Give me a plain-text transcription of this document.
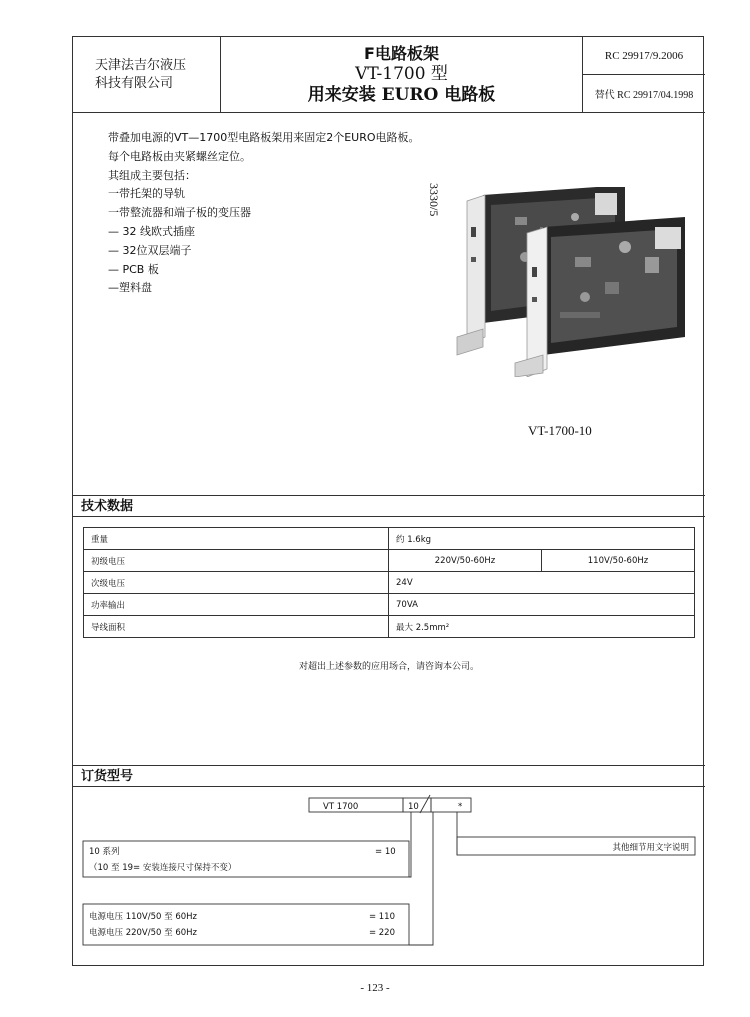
天津法吉尔液压
科技有限公司
F电路板架
VT-1700 型
用来安装 EURO 电路板
RC 29917/9.2006
替代 RC 29917/04.1998
带叠加电源的VT—1700型电路板架用来固定2个EURO电路板。
每个电路板由夹紧螺丝定位。
其组成主要包括：
一带托架的导轨
一带整流器和端子板的变压器
— 32 线欧式插座
— 32位双层端子
— PCB 板
—塑料盘
3330/5
VT-1700-10
技术数据
重量	约 1.6kg	
初级电压	220V/50-60Hz	110V/50-60Hz
次级电压	24V	
功率输出	70VA	
导线面积	最大 2.5mm²	
对超出上述参数的应用场合，请咨询本公司。
订货型号
VT 1700	10	*
10 系列	= 10
（10 至 19= 安装连接尺寸保持不变）
电源电压 110V/50 至 60Hz	= 110
电源电压 220V/50 至 60Hz	= 220
其他细节用文字说明
- 123 -
